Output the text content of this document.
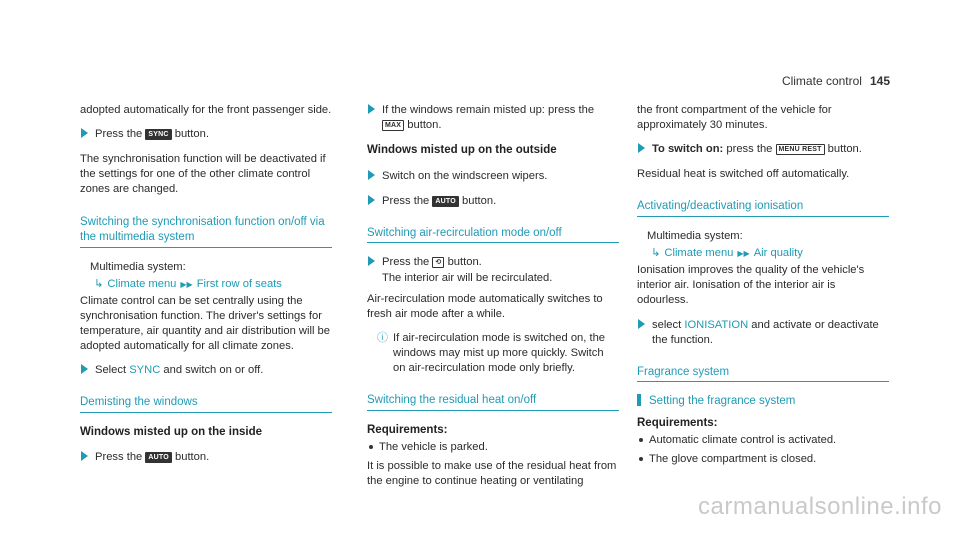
Climate control 145

adopted automatically for the front passenger side.

Press the SYNC button.

The synchronisation function will be deactivated if the settings for one of the other climate control zones are changed.

Switching the synchronisation function on/off via the multimedia system

Multimedia system:

↳ Climate menu ▶▶ First row of seats

Climate control can be set centrally using the synchronisation function. The driver's settings for temperature, air quantity and air distribution will be adopted automatically for all climate zones.

Select SYNC and switch on or off.
Demisting the windows
Windows misted up on the inside
Press the AUTO button.
If the windows remain misted up: press the MAX button.
Windows misted up on the outside
Switch on the windscreen wipers.
Press the AUTO button.
Switching air-recirculation mode on/off
Press the ⟲ button.
The interior air will be recirculated.

Air-recirculation mode automatically switches to fresh air mode after a while.

ⓘ If air-recirculation mode is switched on, the windows may mist up more quickly. Switch on air-recirculation mode only briefly.
Switching the residual heat on/off
Requirements:
The vehicle is parked.

It is possible to make use of the residual heat from the engine to continue heating or ventilating

the front compartment of the vehicle for approximately 30 minutes.

To switch on: press the MENU REST button.

Residual heat is switched off automatically.

Activating/deactivating ionisation

Multimedia system:

↳ Climate menu ▶▶ Air quality

Ionisation improves the quality of the vehicle's interior air. Ionisation of the interior air is odourless.

select IONISATION and activate or deactivate the function.
Fragrance system
Setting the fragrance system
Requirements:
Automatic climate control is activated.
The glove compartment is closed.
carmanualsonline.info
